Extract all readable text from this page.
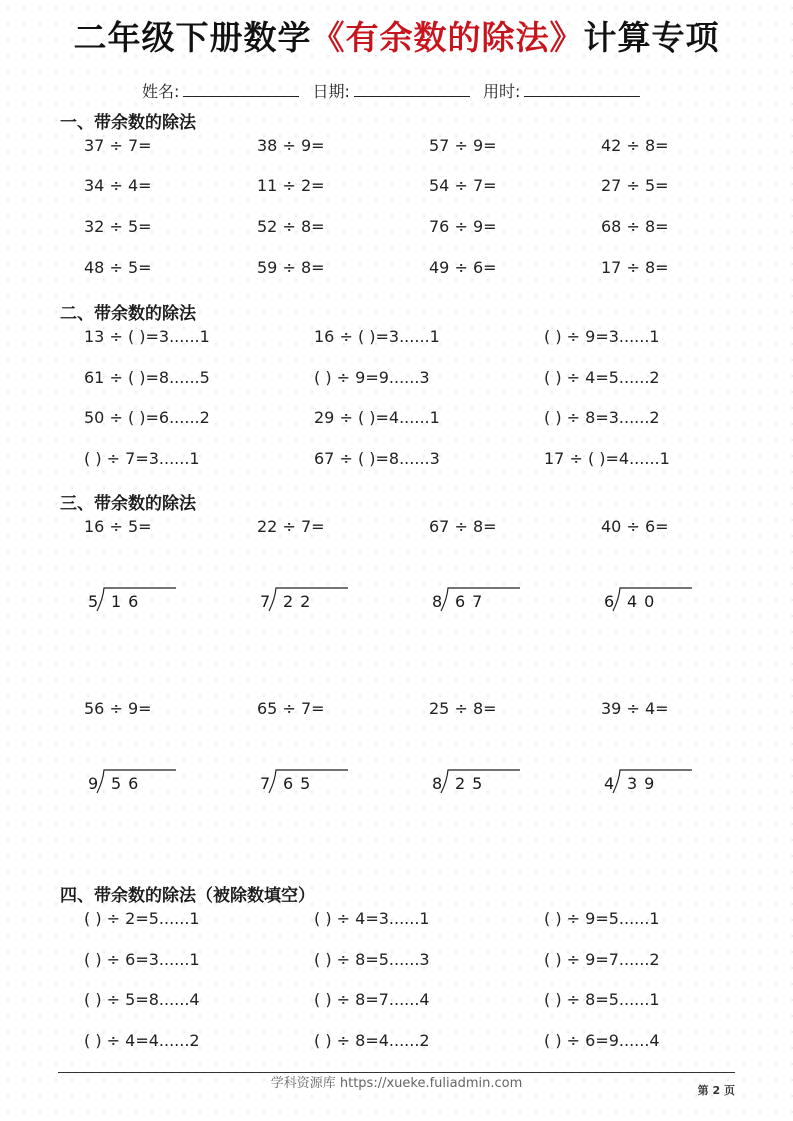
二年级下册数学《有余数的除法》计算专项
姓名:	日期:	用时:
一、带余数的除法
37 ÷ 7=	38 ÷ 9=	57 ÷ 9=	42 ÷ 8=
34 ÷ 4=	11 ÷ 2=	54 ÷ 7=	27 ÷ 5=
32 ÷ 5=	52 ÷ 8=	76 ÷ 9=	68 ÷ 8=
48 ÷ 5=	59 ÷ 8=	49 ÷ 6=	17 ÷ 8=
二、带余数的除法
13 ÷ ( )=3......1	16 ÷ ( )=3......1	( ) ÷ 9=3......1
61 ÷ ( )=8......5	( ) ÷ 9=9......3	( ) ÷ 4=5......2
50 ÷ ( )=6......2	29 ÷ ( )=4......1	( ) ÷ 8=3......2
( ) ÷ 7=3......1	67 ÷ ( )=8......3	17 ÷ ( )=4......1
三、带余数的除法
16 ÷ 5=	22 ÷ 7=	67 ÷ 8=	40 ÷ 6=
5 16	7 22	8 67	6 40
56 ÷ 9=	65 ÷ 7=	25 ÷ 8=	39 ÷ 4=
9 56	7 65	8 25	4 39
四、带余数的除法（被除数填空）
( ) ÷ 2=5......1	( ) ÷ 4=3......1	( ) ÷ 9=5......1
( ) ÷ 6=3......1	( ) ÷ 8=5......3	( ) ÷ 9=7......2
( ) ÷ 5=8......4	( ) ÷ 8=7......4	( ) ÷ 8=5......1
( ) ÷ 4=4......2	( ) ÷ 8=4......2	( ) ÷ 6=9......4
学科资源库 https://xueke.fuliadmin.com	第 2 页
